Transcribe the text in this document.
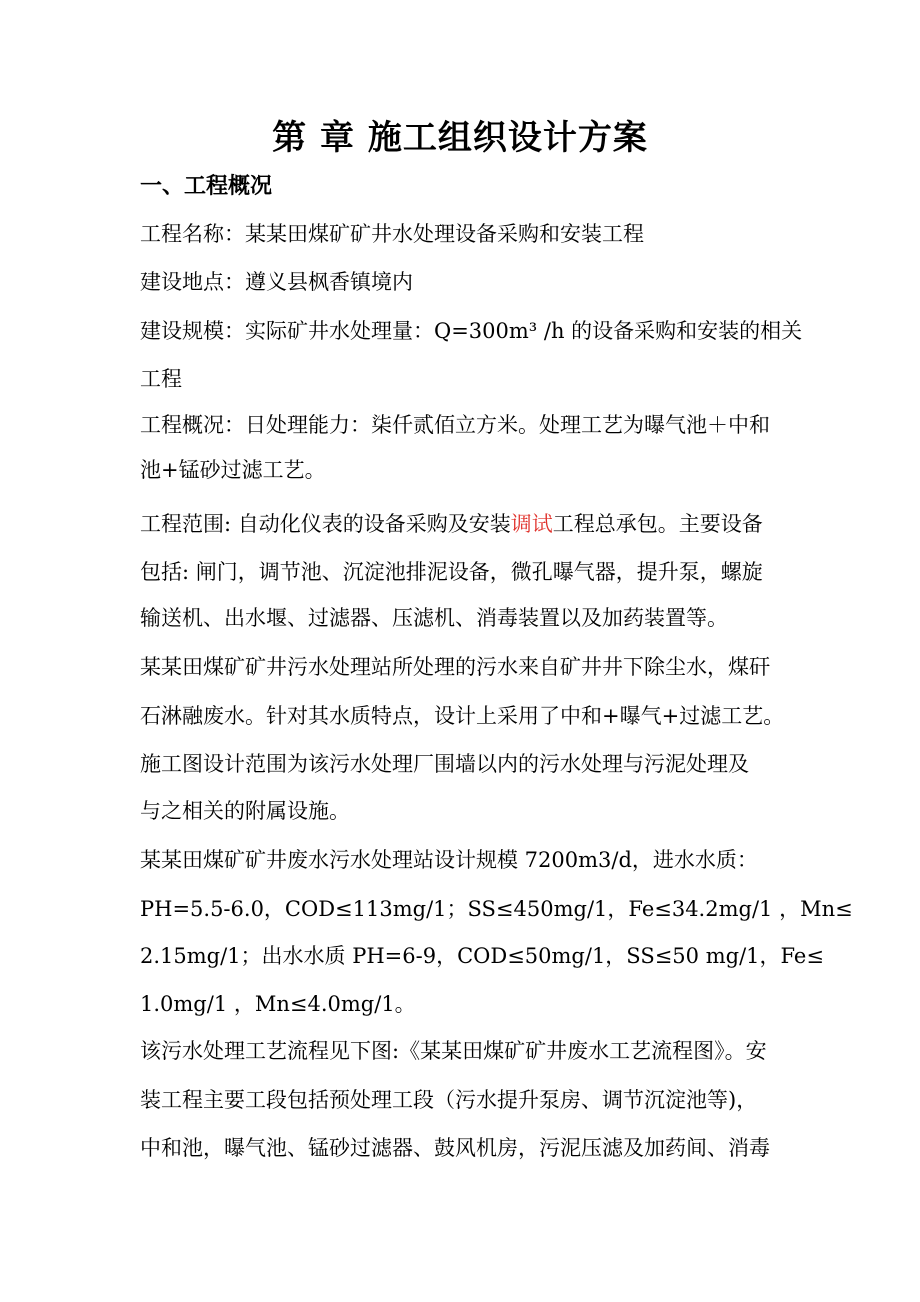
第 章 施工组织设计方案
一、工程概况
工程名称：某某田煤矿矿井水处理设备采购和安装工程
建设地点：遵义县枫香镇境内
建设规模：实际矿井水处理量：Q=300m³ /h 的设备采购和安装的相关
工程
工程概况：日处理能力：柒仟贰佰立方米。处理工艺为曝气池＋中和
池+锰砂过滤工艺。
工程范围: 自动化仪表的设备采购及安装调试工程总承包。主要设备
包括: 闸门，调节池、沉淀池排泥设备，微孔曝气器，提升泵，螺旋
输送机、出水堰、过滤器、压滤机、消毒装置以及加药装置等。
某某田煤矿矿井污水处理站所处理的污水来自矿井井下除尘水，煤矸
石淋融废水。针对其水质特点，设计上采用了中和+曝气+过滤工艺。
施工图设计范围为该污水处理厂围墙以内的污水处理与污泥处理及
与之相关的附属设施。
某某田煤矿矿井废水污水处理站设计规模 7200m3/d，进水水质：
PH=5.5-6.0，COD≤113mg/1；SS≤450mg/1，Fe≤34.2mg/1 ，Mn≤
2.15mg/1；出水水质 PH=6-9，COD≤50mg/1，SS≤50 mg/1，Fe≤
1.0mg/1 ，Mn≤4.0mg/1。
该污水处理工艺流程见下图:《某某田煤矿矿井废水工艺流程图》。安
装工程主要工段包括预处理工段（污水提升泵房、调节沉淀池等)，
中和池，曝气池、锰砂过滤器、鼓风机房，污泥压滤及加药间、消毒
